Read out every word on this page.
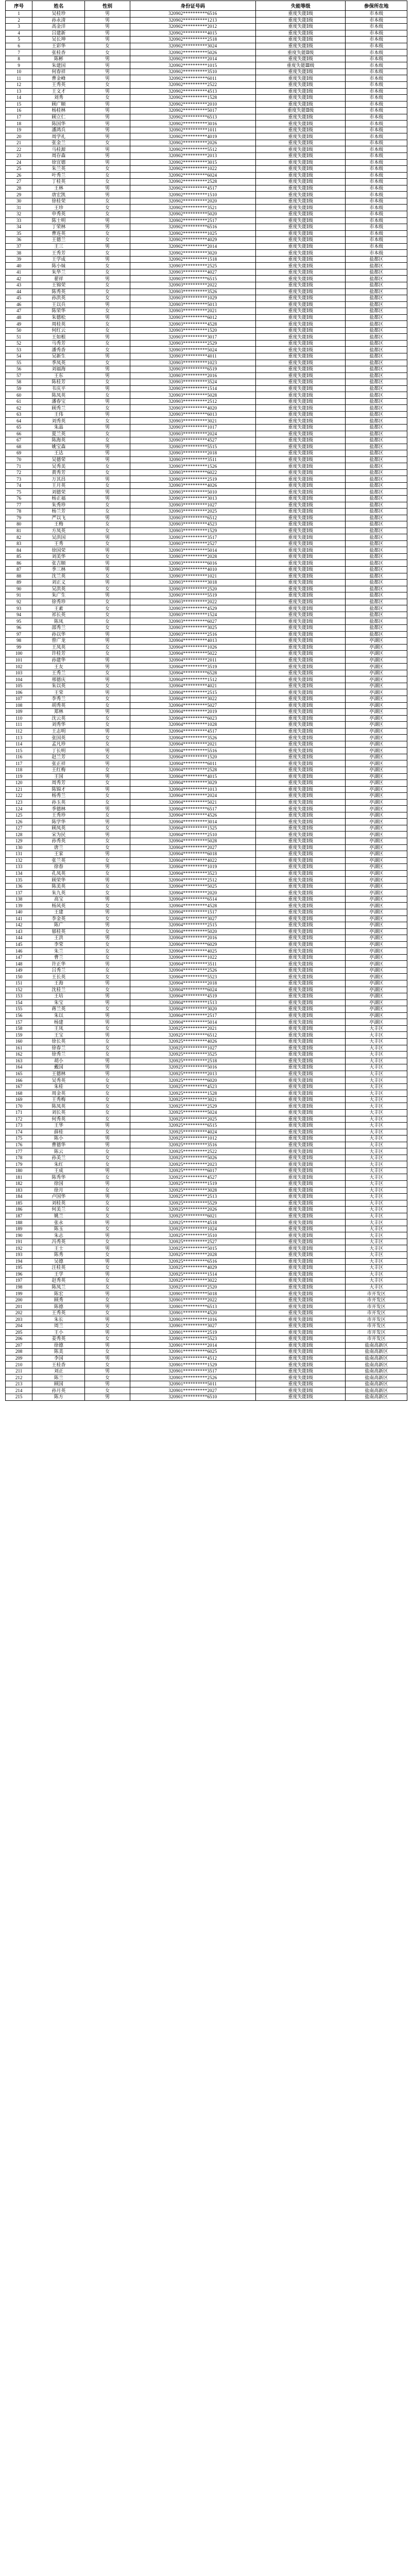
序号	姓名	性别	身份证号码	失能等级	参保所在地
1	吴桂珍	男	320902**********6516	重度失能Ⅰ级	市本级
2	孙永清	男	320902**********1213	重度失能Ⅰ级	市本级
3	高金洋	男	320902**********2012	重度失能Ⅰ级	市本级
4	吕建新	男	320902**********4015	重度失能Ⅰ级	市本级
5	吴长坤	男	320902**********2518	重度失能Ⅰ级	市本级
6	王彩华	女	320902**********3024	重度失能Ⅰ级	市本级
7	张桂香	女	320902**********5026	重度失能Ⅱ级	市本级
8	陈彬	男	320902**********2014	重度失能Ⅰ级	市本级
9	朱建国	男	320902**********1015	重度失能Ⅲ级	市本级
10	何春祥	男	320902**********3510	重度失能Ⅰ级	市本级
11	曹金峰	男	320902**********6011	重度失能Ⅰ级	市本级
12	王秀英	女	320902**********2522	重度失能Ⅰ级	市本级
13	王文才	男	320902**********4513	重度失能Ⅰ级	市本级
14	刘秀	女	320902**********1528	重度失能Ⅰ级	市本级
15	顾广顺	男	320902**********2010	重度失能Ⅰ级	市本级
16	杨桂林	男	320902**********5017	重度失能Ⅱ级	市本级
17	顾立仁	男	320902**********6513	重度失能Ⅰ级	市本级
18	陈国华	男	320902**********3016	重度失能Ⅰ级	市本级
19	潘鸿兵	男	320902**********1011	重度失能Ⅰ级	市本级
20	周学礼	男	320902**********4019	重度失能Ⅰ级	市本级
21	张金兰	女	320902**********2026	重度失能Ⅰ级	市本级
22	马桂源	男	320902**********5512	重度失能Ⅰ级	市本级
23	周存森	男	320902**********2013	重度失能Ⅰ级	市本级
24	徐宜德	男	320902**********3015	重度失能Ⅰ级	市本级
25	朱兰英	女	320902**********1022	重度失能Ⅰ级	市本级
26	叶秀兰	女	320902**********6024	重度失能Ⅰ级	市本级
27	丁桂英	女	320902**********2528	重度失能Ⅰ级	市本级
28	王林	男	320902**********4517	重度失能Ⅰ级	市本级
29	唐宏凯	男	320902**********1510	重度失能Ⅰ级	市本级
30	徐桂荣	女	320902**********2020	重度失能Ⅰ级	市本级
31	王珍	女	320902**********3521	重度失能Ⅰ级	市本级
32	申秀英	女	320902**********5020	重度失能Ⅰ级	市本级
33	陈士明	男	320902**********2517	重度失能Ⅰ级	市本级
34	丁荣林	男	320902**********6516	重度失能Ⅰ级	市本级
35	曹连英	女	320902**********1025	重度失能Ⅰ级	市本级
36	王德兰	女	320902**********4029	重度失能Ⅰ级	市本级
37	王三	男	320902**********2014	重度失能Ⅰ级	市本级
38	王秀芳	女	320902**********3020	重度失能Ⅰ级	市本级
39	王学成	男	320902**********1518	重度失能Ⅰ级	盐都区
40	陈小妹	女	320903**********2525	重度失能Ⅰ级	盐都区
41	朱华兰	女	320903**********4027	重度失能Ⅰ级	盐都区
42	翟祥	男	320903**********6515	重度失能Ⅰ级	盐都区
43	王锦荣	女	320903**********2022	重度失能Ⅰ级	盐都区
44	陈秀英	女	320903**********3526	重度失能Ⅰ级	盐都区
45	孙洪英	女	320903**********1029	重度失能Ⅰ级	盐都区
46	王以兵	男	320903**********5013	重度失能Ⅰ级	盐都区
47	陈荣华	女	320903**********2021	重度失能Ⅰ级	盐都区
48	朱德松	男	320903**********6012	重度失能Ⅰ级	盐都区
49	周桂英	女	320903**********4528	重度失能Ⅰ级	盐都区
50	何红云	女	320903**********1520	重度失能Ⅰ级	盐都区
51	王如根	男	320903**********3017	重度失能Ⅰ级	盐都区
52	马秀芳	女	320903**********2529	重度失能Ⅰ级	盐都区
53	潘秀香	女	320903**********5024	重度失能Ⅰ级	盐都区
54	吴新生	男	320903**********4011	重度失能Ⅰ级	盐都区
55	季凤英	女	320903**********1023	重度失能Ⅰ级	盐都区
56	刘福海	男	320903**********6519	重度失能Ⅰ级	盐都区
57	王东	男	320903**********2016	重度失能Ⅰ级	盐都区
58	陈桂芳	女	320903**********3524	重度失能Ⅰ级	盐都区
59	韦庆平	男	320903**********1514	重度失能Ⅰ级	盐都区
60	陈凤英	女	320903**********5028	重度失能Ⅰ级	盐都区
61	潘春宝	男	320903**********2512	重度失能Ⅰ级	盐都区
62	顾秀兰	女	320903**********4020	重度失能Ⅰ级	盐都区
63	王伟	男	320903**********6013	重度失能Ⅰ级	盐都区
64	刘秀英	女	320903**********3021	重度失能Ⅰ级	盐都区
65	朱晶	男	320903**********1017	重度失能Ⅰ级	盐都区
66	夏兰英	女	320903**********2024	重度失能Ⅰ级	盐都区
67	陈海英	女	320903**********4527	重度失能Ⅰ级	盐都区
68	姚宝森	男	320903**********5515	重度失能Ⅰ级	盐都区
69	王达	男	320903**********2018	重度失能Ⅰ级	盐都区
70	吴德荣	男	320903**********3511	重度失能Ⅰ级	盐都区
71	吴秀美	女	320903**********1526	重度失能Ⅰ级	盐都区
72	黄秀芳	女	320903**********6022	重度失能Ⅰ级	盐都区
73	万其昌	男	320903**********2519	重度失能Ⅰ级	盐都区
74	王月英	女	320903**********4026	重度失能Ⅰ级	盐都区
75	刘德荣	男	320903**********5010	重度失能Ⅰ级	盐都区
76	杨正福	男	320903**********3013	重度失能Ⅰ级	盐都区
77	朱秀珍	女	320903**********1027	重度失能Ⅰ级	盐都区
78	杨兰芳	女	320903**********2025	重度失能Ⅰ级	盐都区
79	严以飞	男	320903**********6512	重度失能Ⅰ级	盐都区
80	王梅	女	320903**********4523	重度失能Ⅰ级	盐都区
81	方凤英	女	320903**********1529	重度失能Ⅰ级	盐都区
82	吴洪国	男	320903**********3517	重度失能Ⅰ级	盐都区
83	王秀	女	320903**********2527	重度失能Ⅰ级	盐都区
84	徐国荣	男	320903**********5014	重度失能Ⅰ级	盐都区
85	刘美华	女	320903**********2028	重度失能Ⅰ级	盐都区
86	张吉顺	男	320903**********6016	重度失能Ⅰ级	盐都区
87	季三林	男	320903**********4010	重度失能Ⅰ级	盐都区
88	沈兰英	女	320903**********1021	重度失能Ⅰ级	盐都区
89	刘正义	男	320903**********3018	重度失能Ⅰ级	盐都区
90	吴洪英	女	320903**********2520	重度失能Ⅰ级	盐都区
91	朱广生	男	320903**********5519	重度失能Ⅰ级	盐都区
92	徐秀珍	女	320903**********2022	重度失能Ⅰ级	盐都区
93	王素	女	320903**********4529	重度失能Ⅰ级	盐都区
94	祁长英	女	320903**********1524	重度失能Ⅰ级	盐都区
95	陈凤	女	320903**********6027	重度失能Ⅰ级	盐都区
96	邵秀兰	女	320903**********3025	重度失能Ⅰ级	盐都区
97	孙以华	男	320903**********2516	重度失能Ⅰ级	盐都区
98	曾广龙	男	320904**********4013	重度失能Ⅰ级	亭湖区
99	王凤英	女	320904**********1026	重度失能Ⅰ级	亭湖区
100	许桂芳	女	320904**********5022	重度失能Ⅰ级	亭湖区
101	孙建华	男	320904**********2011	重度失能Ⅰ级	亭湖区
102	王友	男	320904**********3519	重度失能Ⅰ级	亭湖区
103	王秀兰	女	320904**********6528	重度失能Ⅰ级	亭湖区
104	邢德庆	男	320904**********1512	重度失能Ⅰ级	亭湖区
105	朱以英	女	320904**********4021	重度失能Ⅰ级	亭湖区
106	王荣	男	320904**********2515	重度失能Ⅰ级	亭湖区
107	李秀兰	女	320904**********3022	重度失能Ⅰ级	亭湖区
108	胡秀英	女	320904**********5027	重度失能Ⅰ级	亭湖区
109	郑林	男	320904**********2019	重度失能Ⅰ级	亭湖区
110	沈云英	女	320904**********6023	重度失能Ⅰ级	亭湖区
111	刘秀华	女	320904**********1028	重度失能Ⅰ级	亭湖区
112	王志明	男	320904**********4517	重度失能Ⅰ级	亭湖区
113	张国英	女	320904**********3526	重度失能Ⅰ级	亭湖区
114	孟凡珍	女	320904**********2021	重度失能Ⅰ级	亭湖区
115	丁长明	男	320904**********5516	重度失能Ⅰ级	亭湖区
116	赵兰芳	女	320904**********1520	重度失能Ⅰ级	亭湖区
117	张正祥	男	320904**********6011	重度失能Ⅰ级	亭湖区
118	王红梅	女	320904**********2528	重度失能Ⅰ级	亭湖区
119	王国	男	320904**********4015	重度失能Ⅰ级	亭湖区
120	周秀芳	女	320904**********3029	重度失能Ⅰ级	亭湖区
121	陈锦才	男	320904**********1013	重度失能Ⅰ级	亭湖区
122	杨秀兰	女	320904**********2024	重度失能Ⅰ级	亭湖区
123	孙玉英	女	320904**********5021	重度失能Ⅰ级	亭湖区
124	季德林	男	320904**********6517	重度失能Ⅰ级	亭湖区
125	王秀珍	女	320904**********4526	重度失能Ⅰ级	亭湖区
126	陈学华	男	320904**********3014	重度失能Ⅰ级	亭湖区
127	顾凤英	女	320904**********1525	重度失能Ⅰ级	亭湖区
128	宋为民	男	320904**********2510	重度失能Ⅰ级	亭湖区
129	孙秀英	女	320904**********5028	重度失能Ⅰ级	亭湖区
130	唐兰	女	320904**********2027	重度失能Ⅰ级	亭湖区
131	王家	男	320904**********6018	重度失能Ⅰ级	亭湖区
132	张兰英	女	320904**********4022	重度失能Ⅰ级	亭湖区
133	徐春	男	320904**********1019	重度失能Ⅰ级	亭湖区
134	孔凤英	女	320904**********3523	重度失能Ⅰ级	亭湖区
135	顾荣华	男	320904**********2512	重度失能Ⅰ级	亭湖区
136	陈美英	女	320904**********5025	重度失能Ⅰ级	亭湖区
137	朱九英	女	320904**********2020	重度失能Ⅰ级	亭湖区
138	高宝	男	320904**********6514	重度失能Ⅰ级	亭湖区
139	杨风英	女	320904**********4528	重度失能Ⅰ级	亭湖区
140	王建	男	320904**********1517	重度失能Ⅰ级	亭湖区
141	李金英	女	320904**********3027	重度失能Ⅰ级	亭湖区
142	陈广	男	320904**********2515	重度失能Ⅰ级	亭湖区
143	郁桂英	女	320904**********5020	重度失能Ⅰ级	亭湖区
144	王洪	男	320904**********2016	重度失能Ⅰ级	亭湖区
145	李荣	女	320904**********6029	重度失能Ⅰ级	亭湖区
146	朱兰	女	320904**********4025	重度失能Ⅰ级	亭湖区
147	曹兰	女	320904**********1022	重度失能Ⅰ级	亭湖区
148	许正华	男	320904**********3511	重度失能Ⅰ级	亭湖区
149	吕秀兰	女	320904**********2526	重度失能Ⅰ级	亭湖区
150	王长英	女	320904**********5523	重度失能Ⅰ级	亭湖区
151	王海	男	320904**********2018	重度失能Ⅰ级	亭湖区
152	沈桂兰	女	320904**********6024	重度失能Ⅰ级	亭湖区
153	王培	男	320904**********4519	重度失能Ⅰ级	亭湖区
154	朱宝	男	320904**********1513	重度失能Ⅰ级	亭湖区
155	蒋兰英	女	320904**********3020	重度失能Ⅰ级	亭湖区
156	朱以	男	320904**********2517	重度失能Ⅰ级	亭湖区
157	杨建	男	320904**********5014	重度失能Ⅰ级	亭湖区
158	王凤	女	320925**********2021	重度失能Ⅰ级	大丰区
159	王宝	男	320925**********6512	重度失能Ⅰ级	大丰区
160	徐长英	女	320925**********4026	重度失能Ⅰ级	大丰区
161	徐春兰	女	320925**********1027	重度失能Ⅰ级	大丰区
162	徐秀兰	女	320925**********3525	重度失能Ⅰ级	大丰区
163	胡小	男	320925**********2518	重度失能Ⅰ级	大丰区
164	戴国	男	320925**********5016	重度失能Ⅰ级	大丰区
165	王德林	男	320925**********2013	重度失能Ⅰ级	大丰区
166	吴秀英	女	320925**********6020	重度失能Ⅰ级	大丰区
167	朱桂	女	320925**********4523	重度失能Ⅰ级	大丰区
168	周金英	女	320925**********1528	重度失能Ⅰ级	大丰区
169	王秀梅	女	320925**********3021	重度失能Ⅰ级	大丰区
170	陈凤英	女	320925**********2529	重度失能Ⅰ级	大丰区
171	刘长英	女	320925**********5024	重度失能Ⅰ级	大丰区
172	何秀英	女	320925**********2025	重度失能Ⅰ级	大丰区
173	王华	男	320925**********6515	重度失能Ⅰ级	大丰区
174	薛桂	女	320925**********4024	重度失能Ⅰ级	大丰区
175	陈小	男	320925**********1012	重度失能Ⅰ级	大丰区
176	曹德华	男	320925**********3516	重度失能Ⅰ级	大丰区
177	陈云	女	320925**********2522	重度失能Ⅰ级	大丰区
178	孙美兰	女	320925**********5026	重度失能Ⅰ级	大丰区
179	朱红	女	320925**********2023	重度失能Ⅰ级	大丰区
180	王成	男	320925**********6017	重度失能Ⅰ级	大丰区
181	陈秀华	女	320925**********4527	重度失能Ⅰ级	大丰区
182	徐国	男	320925**********1519	重度失能Ⅰ级	大丰区
183	徐月	女	320925**********3028	重度失能Ⅰ级	大丰区
184	卢国华	男	320925**********2513	重度失能Ⅰ级	大丰区
185	刘桂英	女	320925**********5529	重度失能Ⅰ级	大丰区
186	何美兰	女	320925**********2026	重度失能Ⅰ级	大丰区
187	姚兰	女	320925**********6021	重度失能Ⅰ级	大丰区
188	张永	男	320925**********4518	重度失能Ⅰ级	大丰区
189	陈玉	女	320925**********1024	重度失能Ⅰ级	大丰区
190	朱志	男	320925**********3510	重度失能Ⅰ级	大丰区
191	冯秀英	女	320925**********2527	重度失能Ⅰ级	大丰区
192	王士	男	320925**********5015	重度失能Ⅰ级	大丰区
193	陈秀	女	320925**********2028	重度失能Ⅰ级	大丰区
194	吴德	男	320925**********6516	重度失能Ⅰ级	大丰区
195	汪桂英	女	320925**********4029	重度失能Ⅰ级	大丰区
196	王学	男	320925**********1514	重度失能Ⅰ级	大丰区
197	赵秀英	女	320925**********3022	重度失能Ⅰ级	大丰区
198	陈凤兰	女	320925**********2520	重度失能Ⅰ级	大丰区
199	陈宏	男	320901**********5018	重度失能Ⅰ级	市开发区
200	顾秀	女	320901**********2022	重度失能Ⅰ级	市开发区
201	陈德	男	320901**********6513	重度失能Ⅰ级	市开发区
202	王秀英	女	320901**********4520	重度失能Ⅰ级	市开发区
203	朱长	男	320901**********1016	重度失能Ⅰ级	市开发区
204	周兰	女	320901**********3027	重度失能Ⅰ级	市开发区
205	王小	男	320901**********2519	重度失能Ⅰ级	市开发区
206	姜秀英	女	320901**********5523	重度失能Ⅰ级	市开发区
207	徐德	男	320901**********2014	重度失能Ⅰ级	盐南高新区
208	陈美	女	320901**********6025	重度失能Ⅰ级	盐南高新区
209	李国	男	320901**********4512	重度失能Ⅰ级	盐南高新区
210	王桂香	女	320901**********1529	重度失能Ⅰ级	盐南高新区
211	刘正	男	320901**********3517	重度失能Ⅰ级	盐南高新区
212	陈兰	女	320901**********2526	重度失能Ⅰ级	盐南高新区
213	顾国	男	320901**********5011	重度失能Ⅰ级	盐南高新区
214	孙月英	女	320901**********2027	重度失能Ⅰ级	盐南高新区
215	陈方	男	320901**********6510	重度失能Ⅰ级	盐南高新区
